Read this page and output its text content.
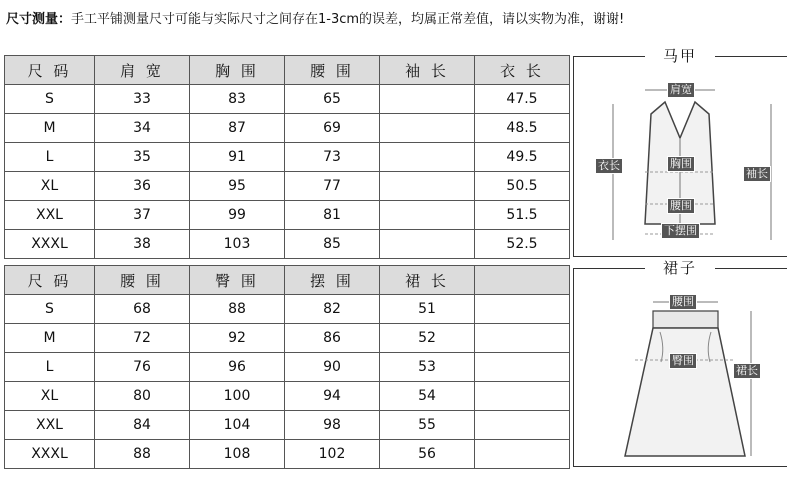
尺寸测量：手工平铺测量尺寸可能与实际尺寸之间存在1-3cm的误差，均属正常差值，请以实物为准，谢谢!
尺 码	肩 宽	胸 围	腰 围	袖 长	衣 长
S	33	83	65		47.5
M	34	87	69		48.5
L	35	91	73		49.5
XL	36	95	77		50.5
XXL	37	99	81		51.5
XXXL	38	103	85		52.5
尺 码	腰 围	臀 围	摆 围	裙 长	
S	68	88	82	51	
M	72	92	86	52	
L	76	96	90	53	
XL	80	100	94	54	
XXL	84	104	98	55	
XXXL	88	108	102	56	
马甲
肩宽
衣长	胸围
袖长
腰围
下摆围
裙子
腰围
臀围
裙长
